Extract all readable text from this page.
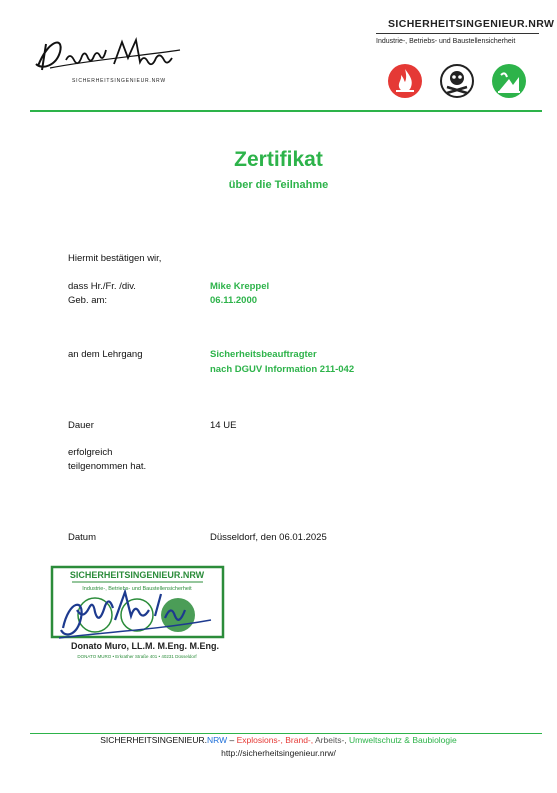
SICHERHEITSINGENIEUR.NRW
SICHERHEITSINGENIEUR.NRW
Industrie-, Betriebs- und Baustellensicherheit
Zertifikat
über die Teilnahme
Hiermit bestätigen wir,
dass Hr./Fr. /div.	Mike Kreppel
Geb. am:	06.11.2000
an dem Lehrgang	Sicherheitsbeauftragter
nach DGUV Information 211-042
Dauer	14 UE
erfolgreich
teilgenommen hat.
Datum	Düsseldorf, den 06.01.2025
SICHERHEITSINGENIEUR.NRW
Industrie-, Betriebs- und Baustellensicherheit
Donato Muro, LL.M. M.Eng. M.Eng.
DONATO MURO • Erkrather Straße 401 • 40231 Düsseldorf
SICHERHEITSINGENIEUR.NRW – Explosions-, Brand-, Arbeits-, Umweltschutz & Baubiologie
http://sicherheitsingenieur.nrw/
